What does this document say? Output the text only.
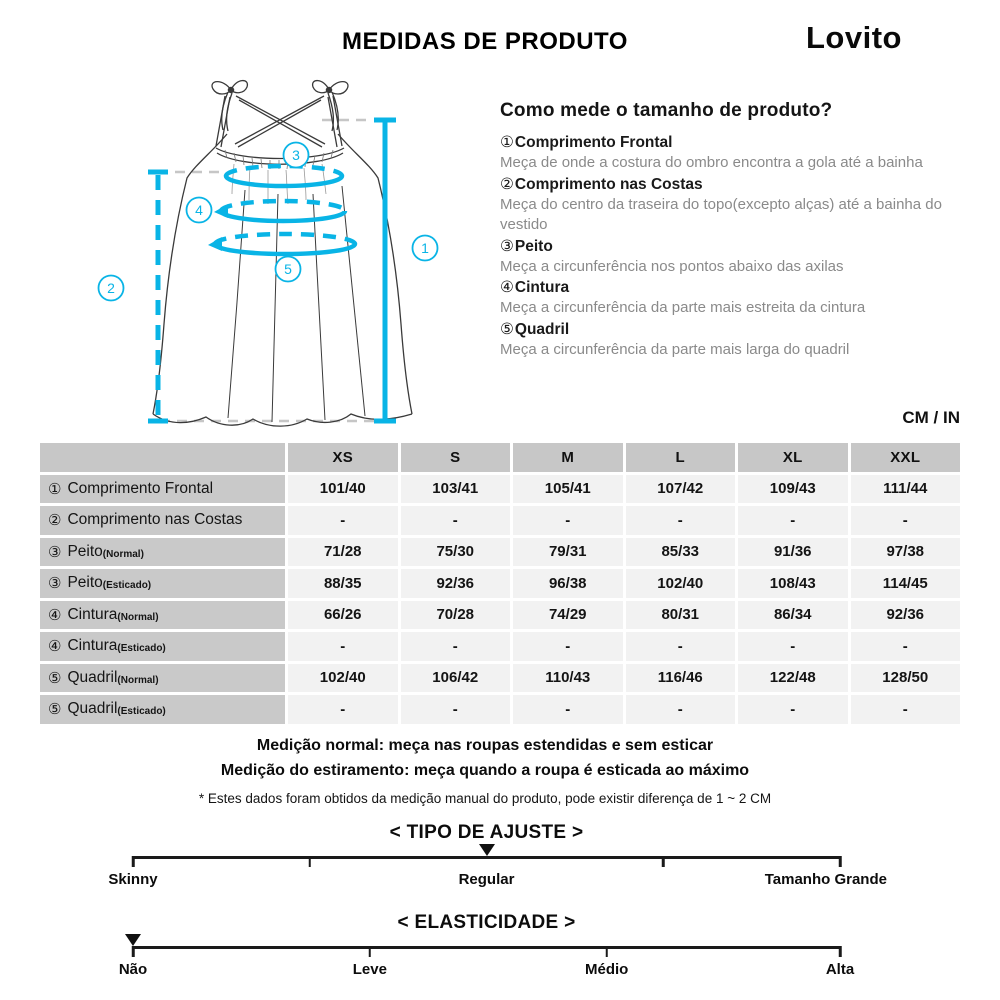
MEDIDAS DE PRODUTO	Lovito
1
2
3
4
5
Como mede o tamanho de produto?
①Comprimento Frontal
Meça de onde a costura do ombro encontra a gola até a bainha
②Comprimento nas Costas
Meça do centro da traseira do topo(excepto alças) até a bainha do vestido
③Peito
Meça a circunferência nos pontos abaixo das axilas
④Cintura
Meça a circunferência da parte mais estreita da cintura
⑤Quadril
Meça a circunferência da parte mais larga do quadril
CM / IN
XS	S	M	L	XL	XXL
① Comprimento Frontal	101/40	103/41	105/41	107/42	109/43	111/44
② Comprimento nas Costas	-	-	-	-	-	-
③ Peito (Normal)	71/28	75/30	79/31	85/33	91/36	97/38
③ Peito (Esticado)	88/35	92/36	96/38	102/40	108/43	114/45
④ Cintura (Normal)	66/26	70/28	74/29	80/31	86/34	92/36
④ Cintura (Esticado)	-	-	-	-	-	-
⑤ Quadril (Normal)	102/40	106/42	110/43	116/46	122/48	128/50
⑤ Quadril (Esticado)	-	-	-	-	-	-
Medição normal: meça nas roupas estendidas e sem esticar
Medição do estiramento: meça quando a roupa é esticada ao máximo
* Estes dados foram obtidos da medição manual do produto, pode existir diferença de 1 ~ 2 CM
< TIPO DE AJUSTE >
Skinny	Regular	Tamanho Grande
< ELASTICIDADE >
Não	Leve	Médio	Alta
